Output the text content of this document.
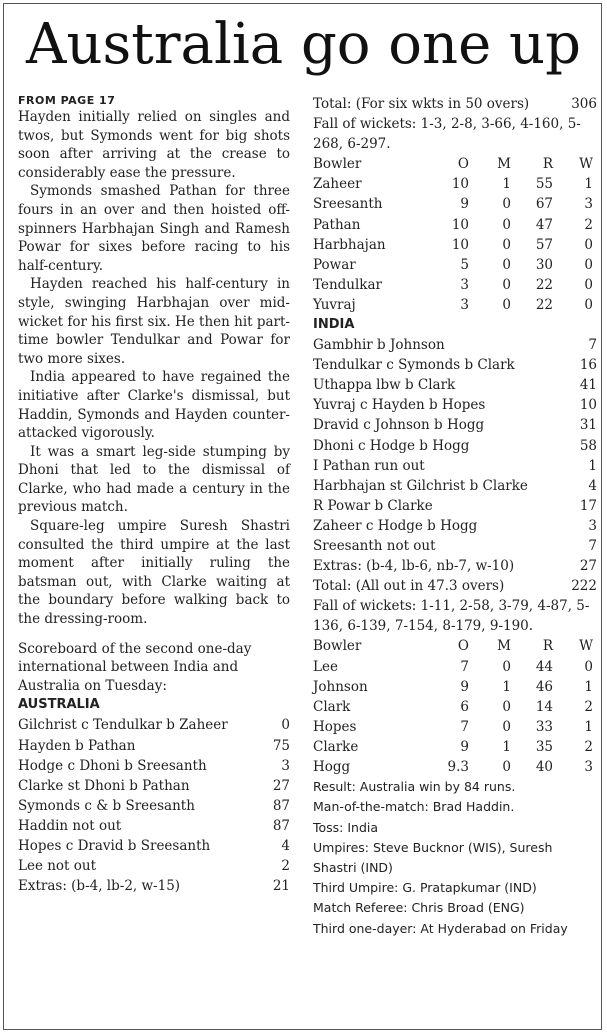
Australia go one up
FROM PAGE 17

Hayden initially relied on singles and twos, but Symonds went for big shots soon after arriving at the crease to considerably ease the pressure.

Symonds smashed Pathan for three fours in an over and then hoisted off-spinners Harbhajan Singh and Ramesh Powar for sixes before racing to his half-century.

Hayden reached his half-century in style, swinging Harbhajan over mid-wicket for his first six. He then hit part-time bowler Tendulkar and Powar for two more sixes.

India appeared to have regained the initiative after Clarke's dismissal, but Haddin, Symonds and Hayden counter-attacked vigorously.

It was a smart leg-side stumping by Dhoni that led to the dismissal of Clarke, who had made a century in the previous match.

Square-leg umpire Suresh Shastri consulted the third umpire at the last moment after initially ruling the batsman out, with Clarke waiting at the boundary before walking back to the dressing-room.

Scoreboard of the second one-day international between India and Australia on Tuesday:

AUSTRALIA
Gilchrist c Tendulkar b Zaheer	0
Hayden b Pathan	75
Hodge c Dhoni b Sreesanth	3
Clarke st Dhoni b Pathan	27
Symonds c & b Sreesanth	87
Haddin not out	87
Hopes c Dravid b Sreesanth	4
Lee not out	2
Extras: (b-4, lb-2, w-15)	21
Total: (For six wkts in 50 overs)	306
Fall of wickets: 1-3, 2-8, 3-66, 4-160, 5-268, 6-297.
Bowler	O	M	R	W
Zaheer	10	1	55	1
Sreesanth	9	0	67	3
Pathan	10	0	47	2
Harbhajan	10	0	57	0
Powar	5	0	30	0
Tendulkar	3	0	22	0
Yuvraj	3	0	22	0
INDIA
Gambhir b Johnson	7
Tendulkar c Symonds b Clark	16
Uthappa lbw b Clark	41
Yuvraj c Hayden b Hopes	10
Dravid c Johnson b Hogg	31
Dhoni c Hodge b Hogg	58
I Pathan run out	1
Harbhajan st Gilchrist b Clarke	4
R Powar b Clarke	17
Zaheer c Hodge b Hogg	3
Sreesanth not out	7
Extras: (b-4, lb-6, nb-7, w-10)	27
Total: (All out in 47.3 overs)	222
Fall of wickets: 1-11, 2-58, 3-79, 4-87, 5-136, 6-139, 7-154, 8-179, 9-190.
Bowler	O	M	R	W
Lee	7	0	44	0
Johnson	9	1	46	1
Clark	6	0	14	2
Hopes	7	0	33	1
Clarke	9	1	35	2
Hogg	9.3	0	40	3
Result: Australia win by 84 runs.
Man-of-the-match: Brad Haddin.
Toss: India
Umpires: Steve Bucknor (WIS), Suresh Shastri (IND)
Third Umpire: G. Pratapkumar (IND)
Match Referee: Chris Broad (ENG)
Third one-dayer: At Hyderabad on Friday
